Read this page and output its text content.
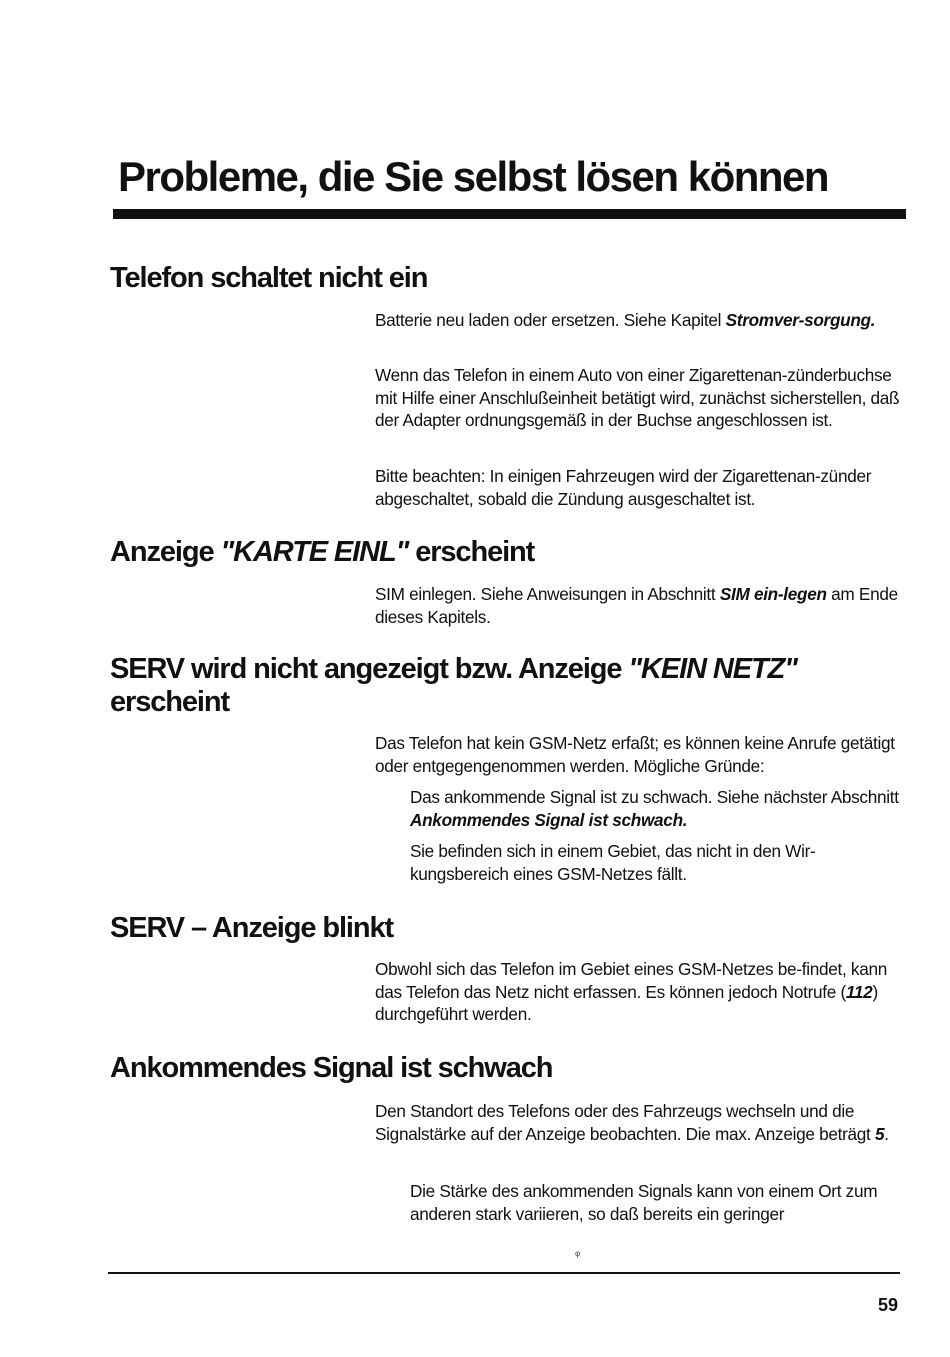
Probleme, die Sie selbst lösen können
Telefon schaltet nicht ein

Batterie neu laden oder ersetzen. Siehe Kapitel Stromver-sorgung.

Wenn das Telefon in einem Auto von einer Zigarettenan-zünderbuchse mit Hilfe einer Anschlußeinheit betätigt wird, zunächst sicherstellen, daß der Adapter ordnungsgemäß in der Buchse angeschlossen ist.

Bitte beachten: In einigen Fahrzeugen wird der Zigarettenan-zünder abgeschaltet, sobald die Zündung ausgeschaltet ist.

Anzeige "KARTE EINL" erscheint

SIM einlegen. Siehe Anweisungen in Abschnitt SIM ein-legen am Ende dieses Kapitels.

SERV wird nicht angezeigt bzw. Anzeige "KEIN NETZ" erscheint

Das Telefon hat kein GSM-Netz erfaßt; es können keine Anrufe getätigt oder entgegengenommen werden. Mögliche Gründe:

Das ankommende Signal ist zu schwach. Siehe nächster Abschnitt Ankommendes Signal ist schwach.

Sie befinden sich in einem Gebiet, das nicht in den Wir-kungsbereich eines GSM-Netzes fällt.

SERV – Anzeige blinkt

Obwohl sich das Telefon im Gebiet eines GSM-Netzes be-findet, kann das Telefon das Netz nicht erfassen. Es können jedoch Notrufe (112) durchgeführt werden.

Ankommendes Signal ist schwach

Den Standort des Telefons oder des Fahrzeugs wechseln und die Signalstärke auf der Anzeige beobachten. Die max. Anzeige beträgt 5.

Die Stärke des ankommenden Signals kann von einem Ort zum anderen stark variieren, so daß bereits ein geringer

ᵠ
59
